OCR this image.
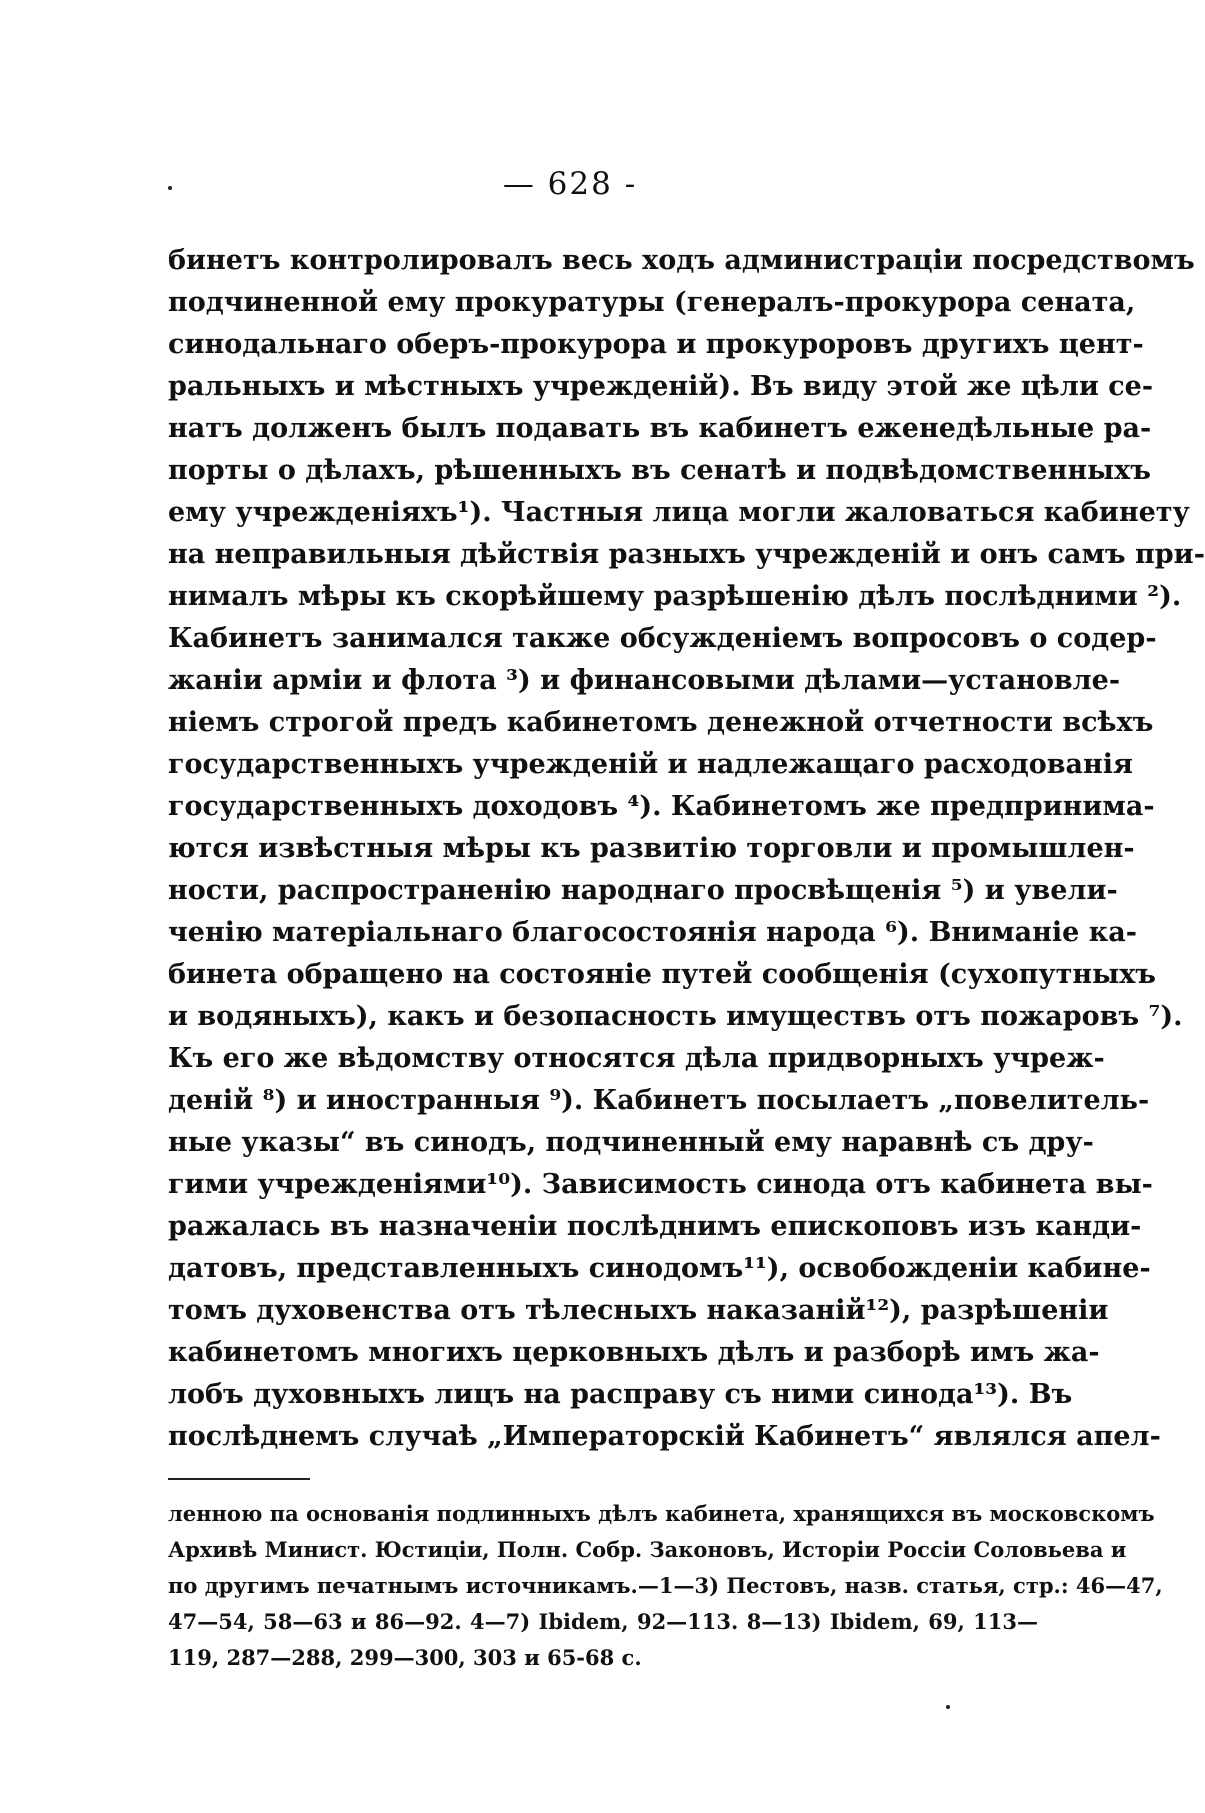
— 628 -
бинетъ контролировалъ весь ходъ администраціи посредствомъ
подчиненной ему прокуратуры (генералъ-прокурора сената,
синодальнаго оберъ-прокурора и прокуроровъ другихъ цент-
ральныхъ и мѣстныхъ учрежденій). Въ виду этой же цѣли се-
натъ долженъ былъ подавать въ кабинетъ еженедѣльные ра-
порты о дѣлахъ, рѣшенныхъ въ сенатѣ и подвѣдомственныхъ
ему учрежденіяхъ¹). Частныя лица могли жаловаться кабинету
на неправильныя дѣйствія разныхъ учрежденій и онъ самъ при-
нималъ мѣры къ скорѣйшему разрѣшенію дѣлъ послѣдними ²).
Кабинетъ занимался также обсужденіемъ вопросовъ о содер-
жаніи арміи и флота ³) и финансовыми дѣлами—установле-
ніемъ строгой предъ кабинетомъ денежной отчетности всѣхъ
государственныхъ учрежденій и надлежащаго расходованія
государственныхъ доходовъ ⁴). Кабинетомъ же предпринима-
ются извѣстныя мѣры къ развитію торговли и промышлен-
ности, распространенію народнаго просвѣщенія ⁵) и увели-
ченію матеріальнаго благосостоянія народа ⁶). Вниманіе ка-
бинета обращено на состояніе путей сообщенія (сухопутныхъ
и водяныхъ), какъ и безопасность имуществъ отъ пожаровъ ⁷).
Къ его же вѣдомству относятся дѣла придворныхъ учреж-
деній ⁸) и иностранныя ⁹). Кабинетъ посылаетъ „повелитель-
ные указы“ въ синодъ, подчиненный ему наравнѣ съ дру-
гими учрежденіями¹⁰). Зависимость синода отъ кабинета вы-
ражалась въ назначеніи послѣднимъ епископовъ изъ канди-
датовъ, представленныхъ синодомъ¹¹), освобожденіи кабине-
томъ духовенства отъ тѣлесныхъ наказаній¹²), разрѣшеніи
кабинетомъ многихъ церковныхъ дѣлъ и разборѣ имъ жа-
лобъ духовныхъ лицъ на расправу съ ними синода¹³). Въ
послѣднемъ случаѣ „Императорскій Кабинетъ“ являлся апел-
ленною па основанія подлинныхъ дѣлъ кабинета, хранящихся въ московскомъ
Архивѣ Миниcт. Юстиціи, Полн. Собр. Законовъ, Исторіи Россіи Соловьева и
по другимъ печатнымъ источникамъ.—1—3) Пестовъ, назв. статья, стр.: 46—47,
47—54, 58—63 и 86—92. 4—7) Ibidem, 92—113. 8—13) Ibidem, 69, 113—
119, 287—288, 299—300, 303 и 65-68 с.
